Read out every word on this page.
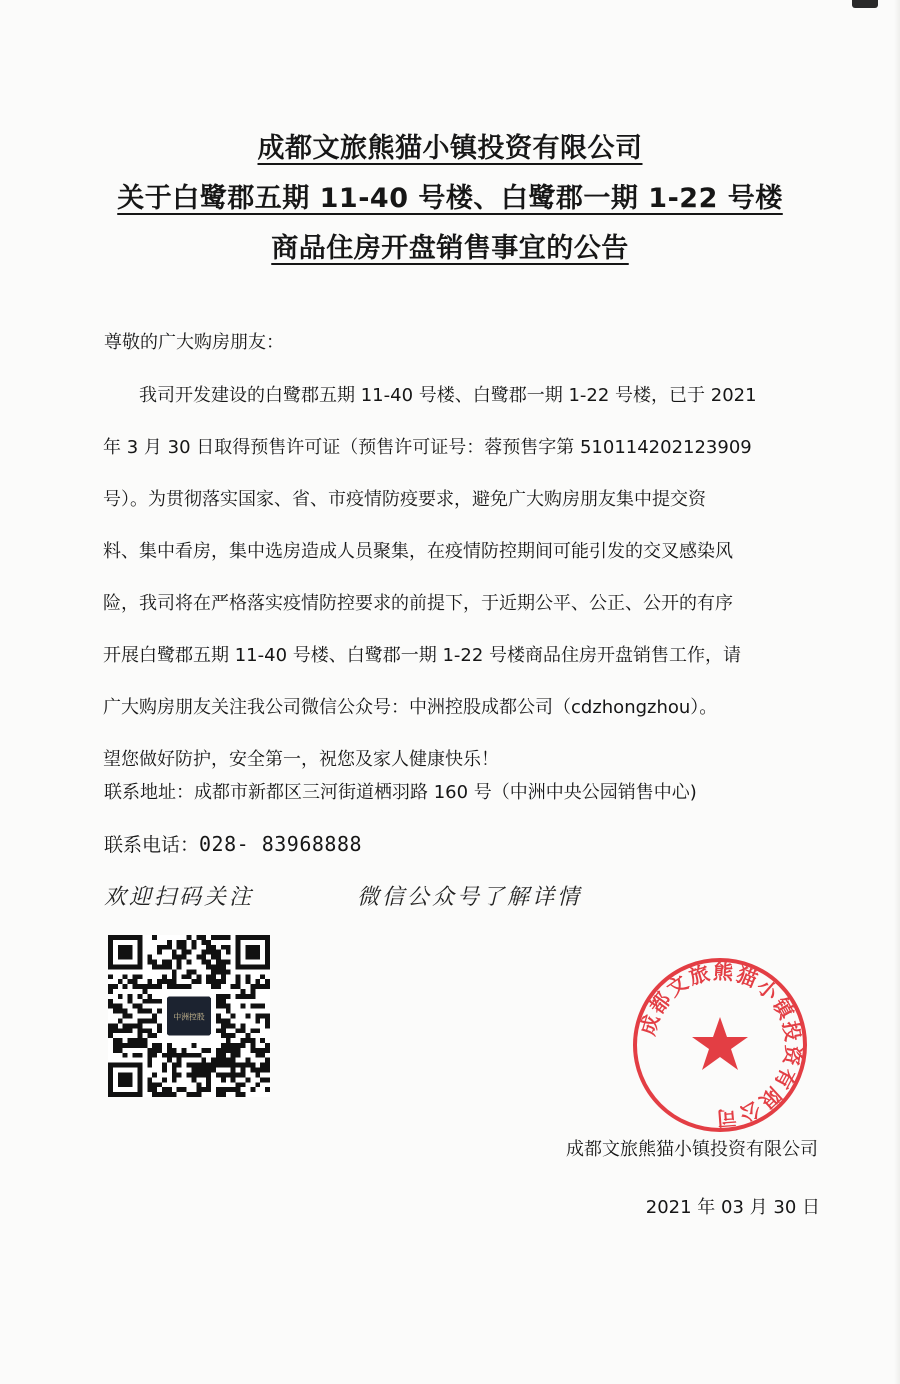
成都文旅熊猫小镇投资有限公司
关于白鹭郡五期 11-40 号楼、白鹭郡一期 1-22 号楼
商品住房开盘销售事宜的公告
尊敬的广大购房朋友：
我司开发建设的白鹭郡五期 11-40 号楼、白鹭郡一期 1-22 号楼，已于 2021
年 3 月 30 日取得预售许可证（预售许可证号：蓉预售字第 510114202123909
号）。为贯彻落实国家、省、市疫情防疫要求，避免广大购房朋友集中提交资
料、集中看房，集中选房造成人员聚集，在疫情防控期间可能引发的交叉感染风
险，我司将在严格落实疫情防控要求的前提下，于近期公平、公正、公开的有序
开展白鹭郡五期 11-40 号楼、白鹭郡一期 1-22 号楼商品住房开盘销售工作，请
广大购房朋友关注我公司微信公众号：中洲控股成都公司（cdzhongzhou）。
望您做好防护，安全第一，祝您及家人健康快乐！
联系地址：成都市新都区三河街道栖羽路 160 号（中洲中央公园销售中心)
联系电话：028- 83968888
欢迎扫码关注	微信公众号了解详情
中洲控股	成都文旅熊猫小镇投资有限公司
成都文旅熊猫小镇投资有限公司
2021 年 03 月 30 日
